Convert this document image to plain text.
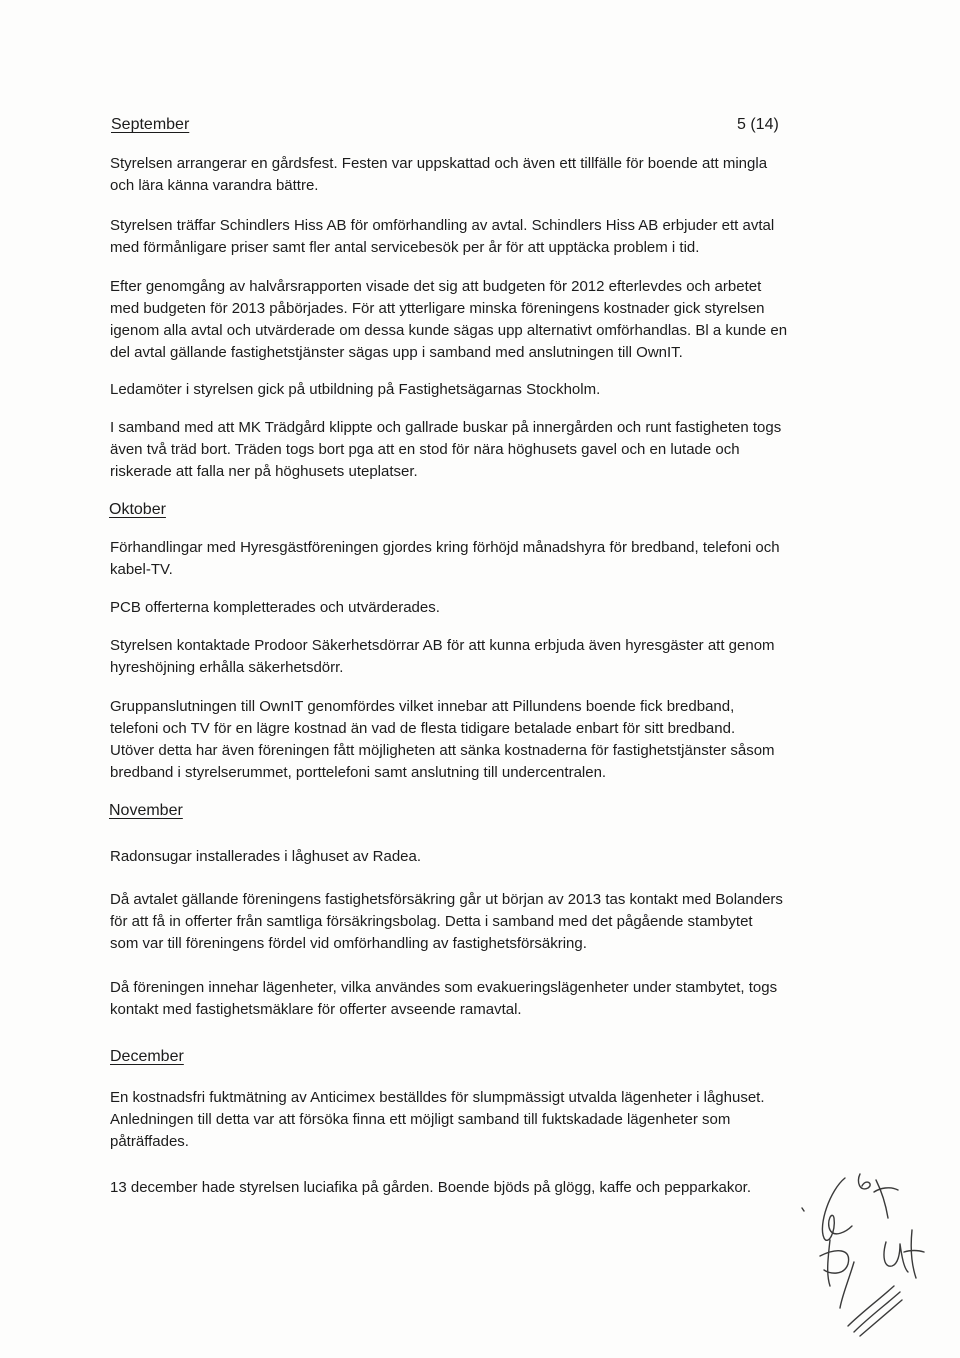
5 (14)
September

Styrelsen arrangerar en gårdsfest. Festen var uppskattad och även ett tillfälle för boende att mingla
och lära känna varandra bättre.

Styrelsen träffar Schindlers Hiss AB för omförhandling av avtal. Schindlers Hiss AB erbjuder ett avtal
med förmånligare priser samt fler antal servicebesök per år för att upptäcka problem i tid.

Efter genomgång av halvårsrapporten visade det sig att budgeten för 2012 efterlevdes och arbetet
med budgeten för 2013 påbörjades. För att ytterligare minska föreningens kostnader gick styrelsen
igenom alla avtal och utvärderade om dessa kunde sägas upp alternativt omförhandlas. Bl a kunde en
del avtal gällande fastighetstjänster sägas upp i samband med anslutningen till OwnIT.

Ledamöter i styrelsen gick på utbildning på Fastighetsägarnas Stockholm.

I samband med att MK Trädgård klippte och gallrade buskar på innergården och runt fastigheten togs
även två träd bort. Träden togs bort pga att en stod för nära höghusets gavel och en lutade och
riskerade att falla ner på höghusets uteplatser.

Oktober

Förhandlingar med Hyresgästföreningen gjordes kring förhöjd månadshyra för bredband, telefoni och
kabel-TV.

PCB offerterna kompletterades och utvärderades.

Styrelsen kontaktade Prodoor Säkerhetsdörrar AB för att kunna erbjuda även hyresgäster att genom
hyreshöjning erhålla säkerhetsdörr.

Gruppanslutningen till OwnIT genomfördes vilket innebar att Pillundens boende fick bredband,
telefoni och TV för en lägre kostnad än vad de flesta tidigare betalade enbart för sitt bredband.
Utöver detta har även föreningen fått möjligheten att sänka kostnaderna för fastighetstjänster såsom
bredband i styrelserummet, porttelefoni samt anslutning till undercentralen.

November

Radonsugar installerades i låghuset av Radea.

Då avtalet gällande föreningens fastighetsförsäkring går ut början av 2013 tas kontakt med Bolanders
för att få in offerter från samtliga försäkringsbolag. Detta i samband med det pågående stambytet
som var till föreningens fördel vid omförhandling av fastighetsförsäkring.

Då föreningen innehar lägenheter, vilka användes som evakueringslägenheter under stambytet, togs
kontakt med fastighetsmäklare för offerter avseende ramavtal.

December

En kostnadsfri fuktmätning av Anticimex beställdes för slumpmässigt utvalda lägenheter i låghuset.
Anledningen till detta var att försöka finna ett möjligt samband till fuktskadade lägenheter som
påträffades.

13 december hade styrelsen luciafika på gården. Boende bjöds på glögg, kaffe och pepparkakor.
